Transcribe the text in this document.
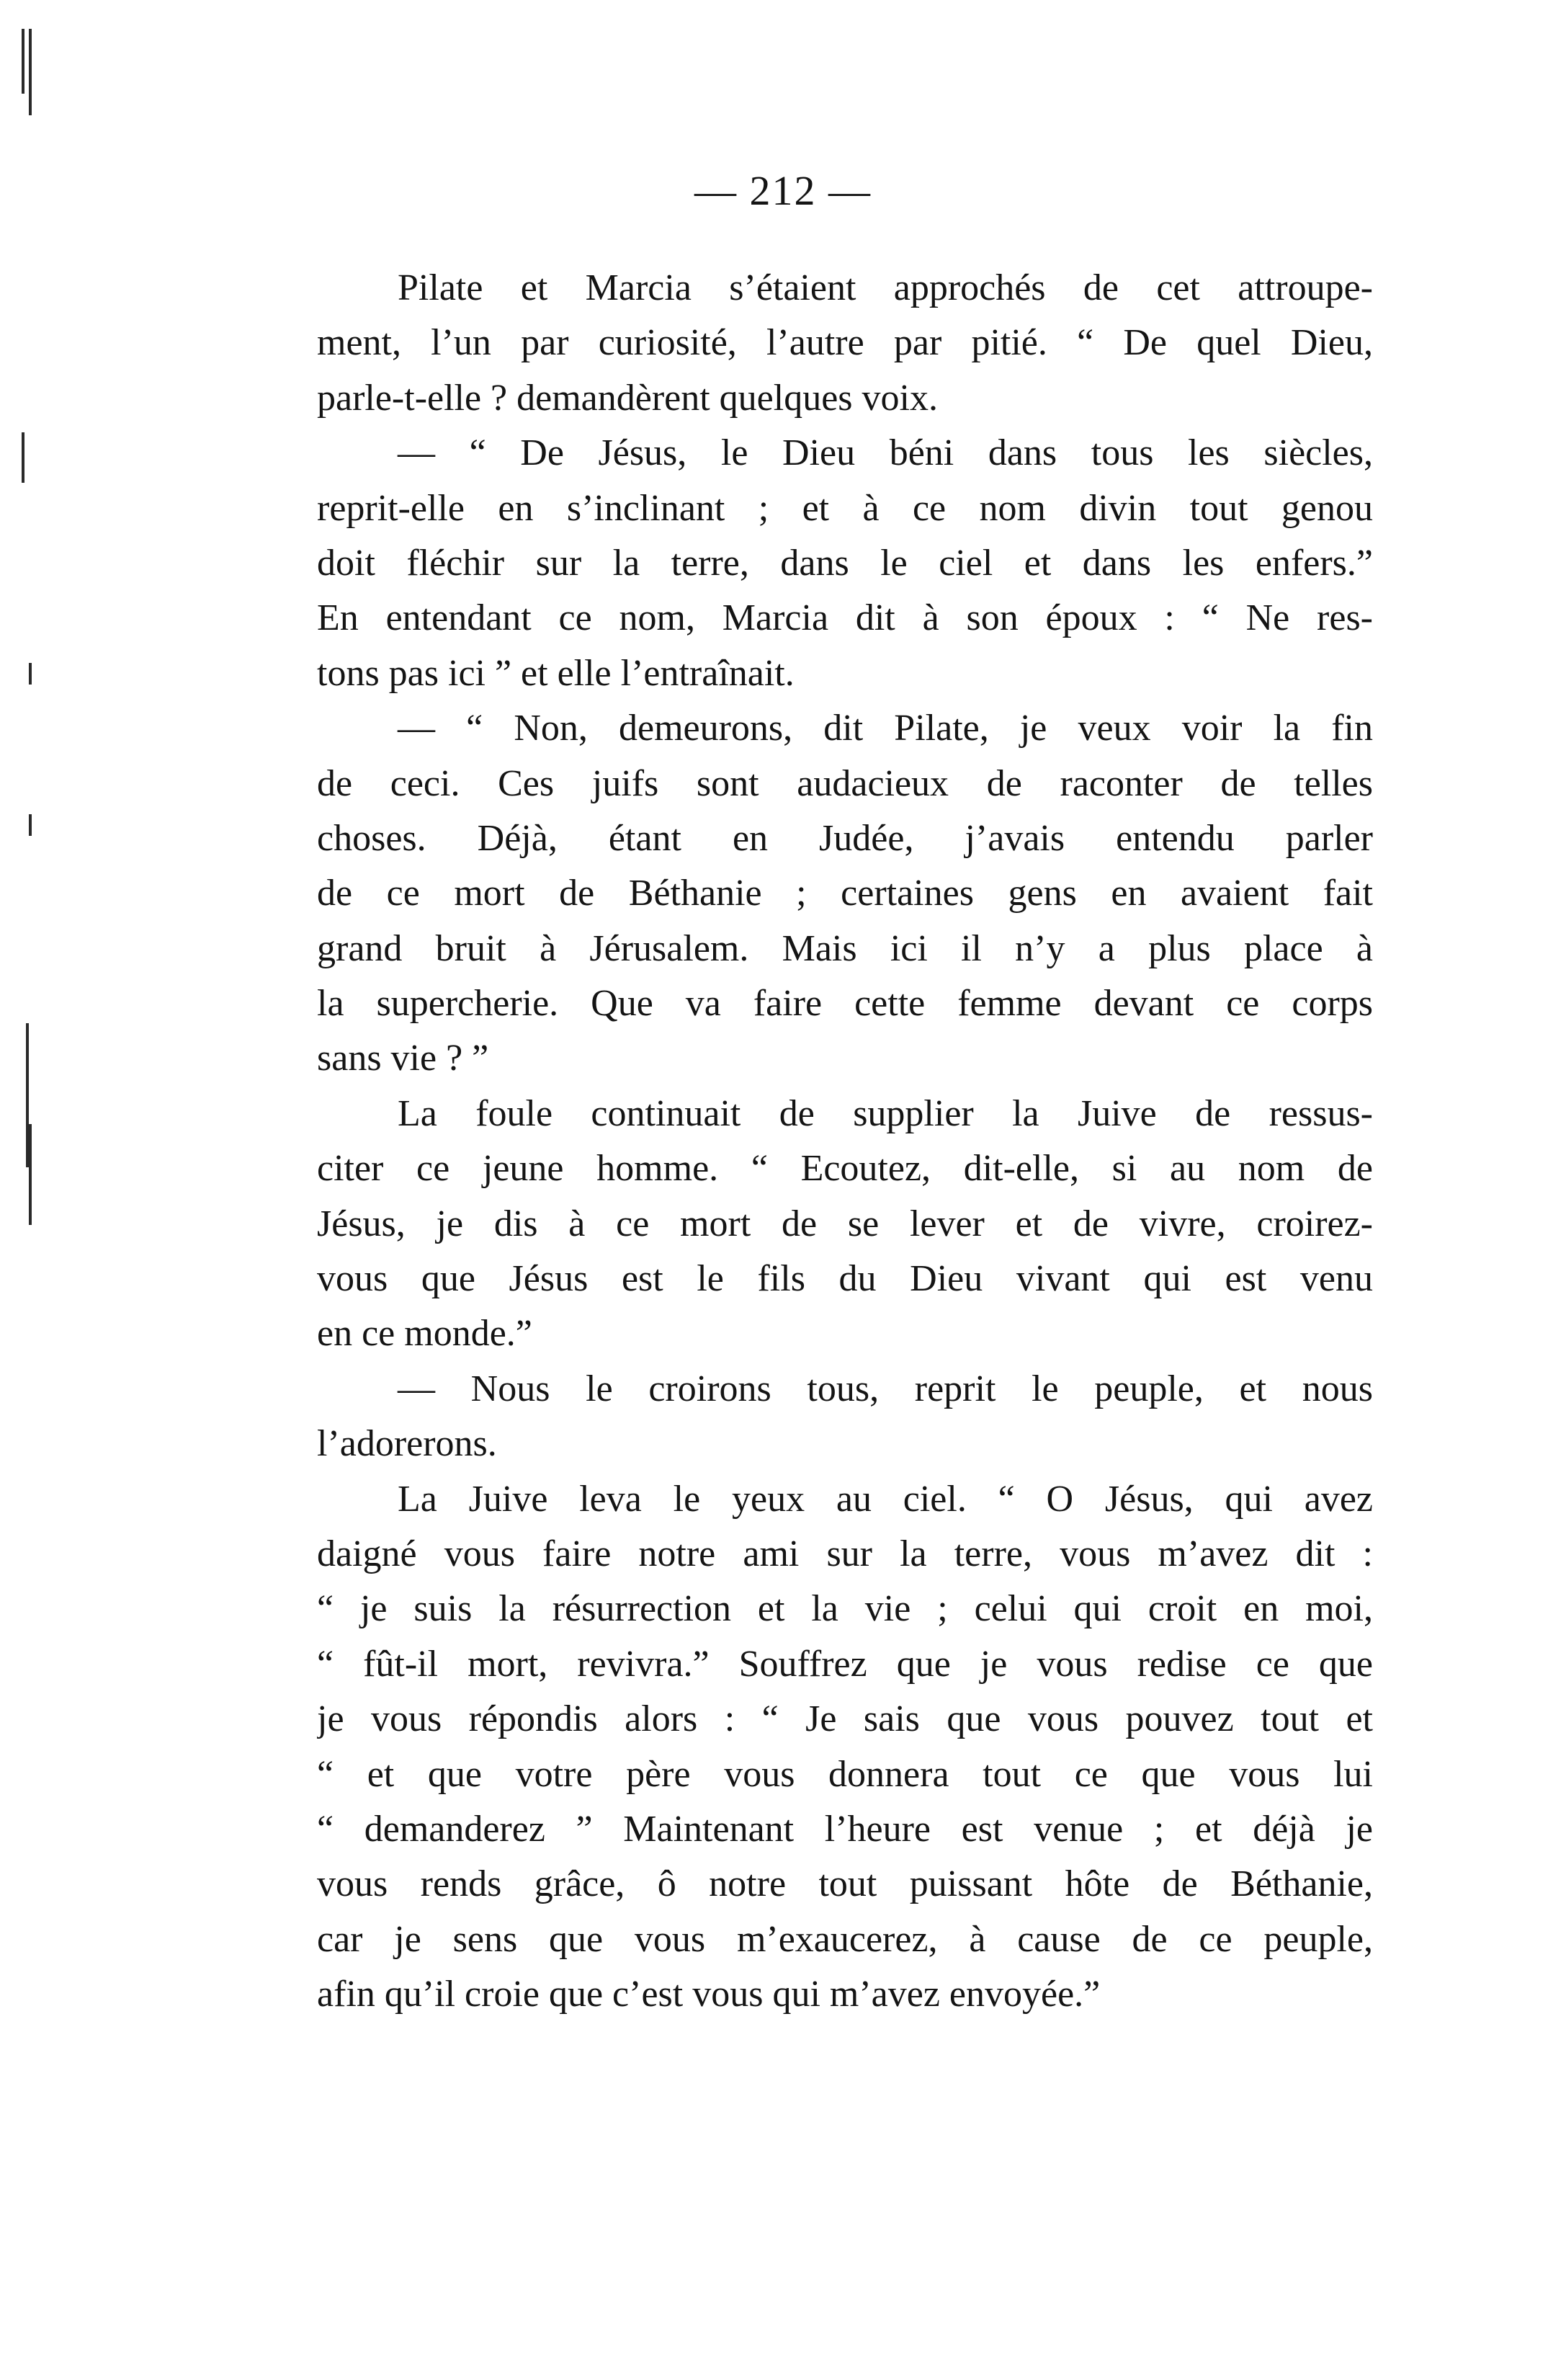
— 212 —
Pilate et Marcia s’étaient approchés de cet attroupe-
ment, l’un par curiosité, l’autre par pitié. “ De quel Dieu,
parle-t-elle ? demandèrent quelques voix.
— “ De Jésus, le Dieu béni dans tous les siècles,
reprit-elle en s’inclinant ; et à ce nom divin tout genou
doit fléchir sur la terre, dans le ciel et dans les enfers.”
En entendant ce nom, Marcia dit à son époux : “ Ne res-
tons pas ici ” et elle l’entraînait.
— “ Non, demeurons, dit Pilate, je veux voir la fin
de ceci. Ces juifs sont audacieux de raconter de telles
choses. Déjà, étant en Judée, j’avais entendu parler
de ce mort de Béthanie ; certaines gens en avaient fait
grand bruit à Jérusalem. Mais ici il n’y a plus place à
la supercherie. Que va faire cette femme devant ce corps
sans vie ? ”
La foule continuait de supplier la Juive de ressus-
citer ce jeune homme. “ Ecoutez, dit-elle, si au nom de
Jésus, je dis à ce mort de se lever et de vivre, croirez-
vous que Jésus est le fils du Dieu vivant qui est venu
en ce monde.”
— Nous le croirons tous, reprit le peuple, et nous
l’adorerons.
La Juive leva le yeux au ciel. “ O Jésus, qui avez
daigné vous faire notre ami sur la terre, vous m’avez dit :
“ je suis la résurrection et la vie ; celui qui croit en moi,
“ fût-il mort, revivra.” Souffrez que je vous redise ce que
je vous répondis alors : “ Je sais que vous pouvez tout et
“ et que votre père vous donnera tout ce que vous lui
“ demanderez ” Maintenant l’heure est venue ; et déjà je
vous rends grâce, ô notre tout puissant hôte de Béthanie,
car je sens que vous m’exaucerez, à cause de ce peuple,
afin qu’il croie que c’est vous qui m’avez envoyée.”
